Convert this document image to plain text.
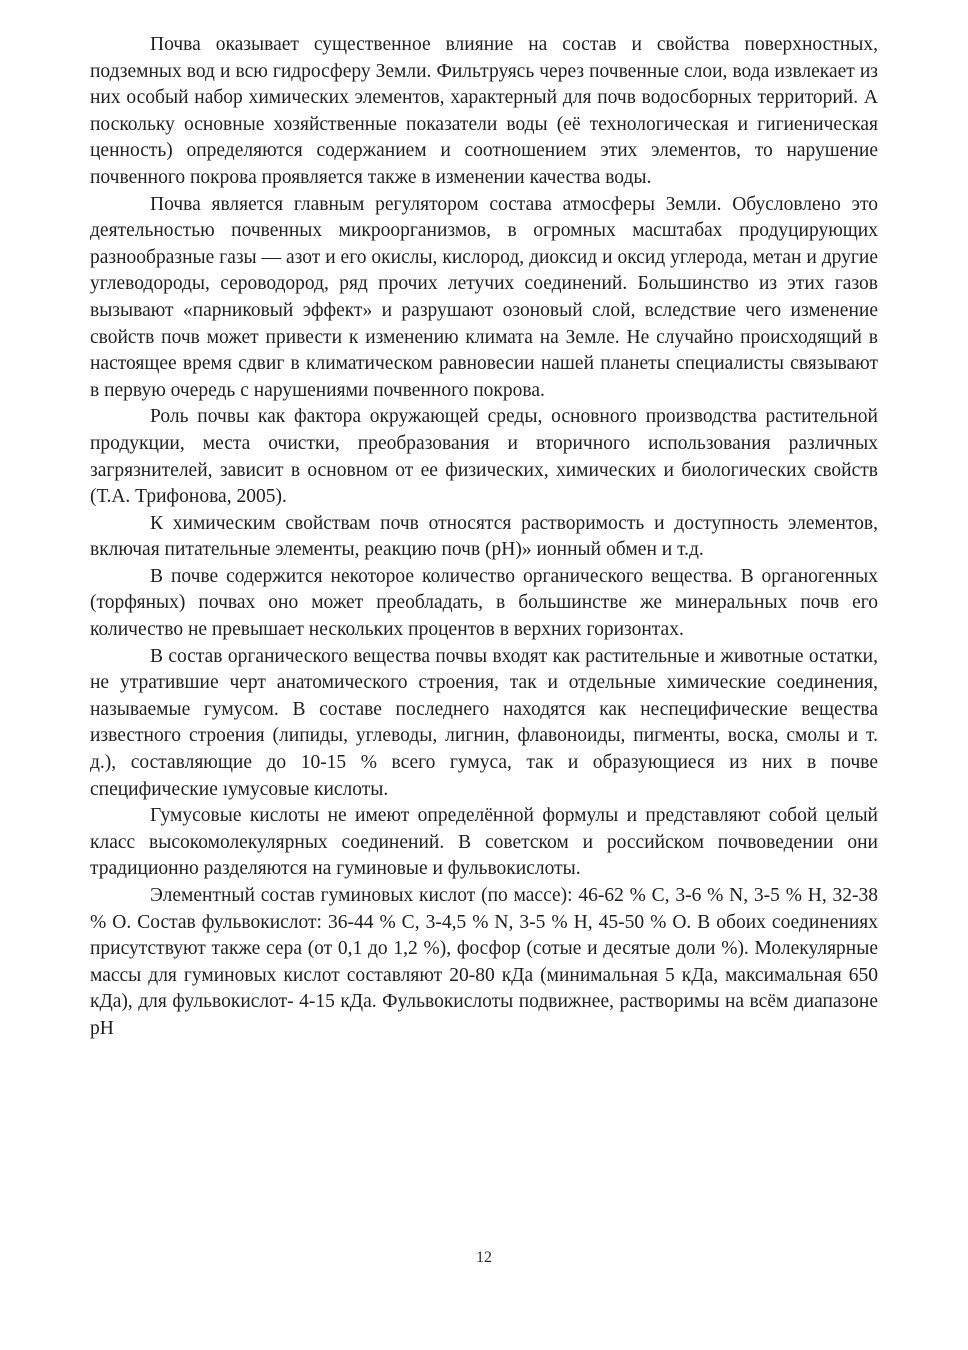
Почва оказывает существенное влияние на состав и свойства поверхностных, подземных вод и всю гидросферу Земли. Фильтруясь через почвенные слои, вода извлекает из них особый набор химических элементов, характерный для почв водосборных территорий. А поскольку основные хозяйственные показатели воды (её технологическая и гигиеническая ценность) определяются содержанием и соотношением этих элементов, то нарушение почвенного покрова проявляется также в изменении качества воды.

Почва является главным регулятором состава атмосферы Земли. Обусловлено это деятельностью почвенных микроорганизмов, в огромных масштабах продуцирующих разнообразные газы — азот и его окислы, кислород, диоксид и оксид углерода, метан и другие углеводороды, сероводород, ряд прочих летучих соединений. Большинство из этих газов вызывают «парниковый эффект» и разрушают озоновый слой, вследствие чего изменение свойств почв может привести к изменению климата на Земле. Не случайно происходящий в настоящее время сдвиг в климатическом равновесии нашей планеты специалисты связывают в первую очередь с нарушениями почвенного покрова.

Роль почвы как фактора окружающей среды, основного производства растительной продукции, места очистки, преобразования и вторичного использования различных загрязнителей, зависит в основном от ее физических, химических и биологических свойств (Т.А. Трифонова, 2005).

К химическим свойствам почв относятся растворимость и доступность элементов, включая питательные элементы, реакцию почв (pH)» ионный обмен и т.д.

В почве содержится некоторое количество органического вещества. В органогенных (торфяных) почвах оно может преобладать, в большинстве же минеральных почв его количество не превышает нескольких процентов в верхних горизонтах.

В состав органического вещества почвы входят как растительные и животные остатки, не утратившие черт анатомического строения, так и отдельные химические соединения, называемые гумусом. В составе последнего находятся как неспецифические вещества известного строения (липиды, углеводы, лигнин, флавоноиды, пигменты, воска, смолы и т. д.), составляющие до 10-15 % всего гумуса, так и образующиеся из них в почве специфические ıумусовые кислоты.

Гумусовые кислоты не имеют определённой формулы и представляют собой целый класс высокомолекулярных соединений. В советском и российском почвоведении они традиционно разделяются на гуминовые и фульвокислоты.

Элементный состав гуминовых кислот (по массе): 46-62 % С, 3-6 % N, 3-5 % Н, 32-38 % О. Состав фульвокислот: 36-44 % С, 3-4,5 % N, 3-5 % Н, 45-50 % О. В обоих соединениях присутствуют также сера (от 0,1 до 1,2 %), фосфор (сотые и десятые доли %). Молекулярные массы для гуминовых кислот составляют 20-80 кДа (минимальная 5 кДа, максимальная 650 кДа), для фульвокислот- 4-15 кДа. Фульвокислоты подвижнее, растворимы на всём диапазоне pH

12
